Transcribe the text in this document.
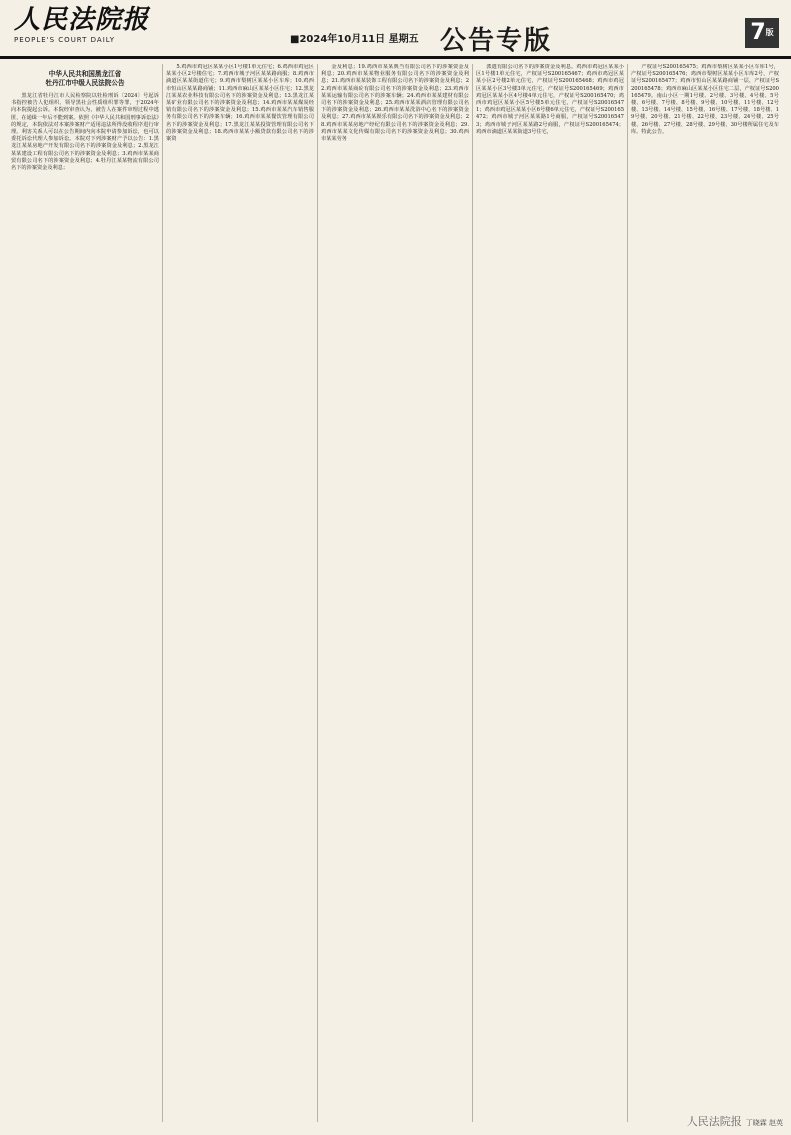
人民法院报
PEOPLE'S COURT DAILY	■2024年10月11日 星期五 公告专版	7版
中华人民共和国黑龙江省
牡丹江市中级人民法院公告

黑龙江省牡丹江市人民检察院以牡检刑诉〔2024〕号起诉书指控被告人犯组织、领导黑社会性质组织罪等罪，于2024年向本院提起公诉。本院经审查认为，被告人在案件审理过程中逃匿，在通缉一年后不能到案。依照《中华人民共和国刑事诉讼法》的规定，本院依法对本案涉案财产适用违法所得没收程序进行审理。利害关系人可以在公告期间内向本院申请参加诉讼，也可以委托诉讼代理人参加诉讼。本院对下列涉案财产予以公告：1.黑龙江某某房地产开发有限公司名下的涉案资金及利息；2.黑龙江某某建设工程有限公司名下的涉案资金及利息；3.鸡西市某某商贸有限公司名下的涉案资金及利息；4.牡丹江某某物流有限公司名下的涉案资金及利息；

5.鸡西市鸡冠区某某小区1号楼1单元住宅；6.鸡西市鸡冠区某某小区2号楼住宅；7.鸡西市城子河区某某路商服；8.鸡西市滴道区某某街道住宅；9.鸡西市梨树区某某小区车库；10.鸡西市恒山区某某路商铺；11.鸡西市麻山区某某小区住宅；12.黑龙江某某农业科技有限公司名下的涉案资金及利息；13.黑龙江某某矿业有限公司名下的涉案资金及利息；14.鸡西市某某煤炭经销有限公司名下的涉案资金及利息；15.鸡西市某某汽车销售服务有限公司名下的涉案车辆；16.鸡西市某某餐饮管理有限公司名下的涉案资金及利息；17.黑龙江某某投资管理有限公司名下的涉案资金及利息；18.鸡西市某某小额贷款有限公司名下的涉案资

金及利息；19.鸡西市某某典当有限公司名下的涉案资金及利息；20.鸡西市某某物业服务有限公司名下的涉案资金及利息；21.鸡西市某某装饰工程有限公司名下的涉案资金及利息；22.鸡西市某某商砼有限公司名下的涉案资金及利息；23.鸡西市某某运输有限公司名下的涉案车辆；24.鸡西市某某建材有限公司名下的涉案资金及利息；25.鸡西市某某酒店管理有限公司名下的涉案资金及利息；26.鸡西市某某洗浴中心名下的涉案资金及利息；27.鸡西市某某娱乐有限公司名下的涉案资金及利息；28.鸡西市某某房地产经纪有限公司名下的涉案资金及利息；29.鸡西市某某文化传媒有限公司名下的涉案资金及利息；30.鸡西市某某劳务

派遣有限公司名下的涉案资金及利息。鸡西市鸡冠区某某小区1号楼1单元住宅，产权证号S200165467；鸡西市鸡冠区某某小区2号楼2单元住宅，产权证号S200165468；鸡西市鸡冠区某某小区3号楼3单元住宅，产权证号S200165469；鸡西市鸡冠区某某小区4号楼4单元住宅，产权证号S200165470；鸡西市鸡冠区某某小区5号楼5单元住宅，产权证号S200165471；鸡西市鸡冠区某某小区6号楼6单元住宅，产权证号S200165472；鸡西市城子河区某某路1号商服，产权证号S200165473；鸡西市城子河区某某路2号商服，产权证号S200165474；鸡西市滴道区某某街道3号住宅，

产权证号S200165475；鸡西市梨树区某某小区车库1号，产权证号S200165476；鸡西市梨树区某某小区车库2号，产权证号S200165477；鸡西市恒山区某某路商铺一层，产权证号S200165478；鸡西市麻山区某某小区住宅二层，产权证号S200165479。南山小区一期1号楼、2号楼、3号楼、4号楼、5号楼、6号楼、7号楼、8号楼、9号楼、10号楼、11号楼、12号楼、13号楼、14号楼、15号楼、16号楼、17号楼、18号楼、19号楼、20号楼、21号楼、22号楼、23号楼、24号楼、25号楼、26号楼、27号楼、28号楼、29号楼、30号楼所属住宅及车库。特此公告。

人民法院报 丁晓霖 赵英
